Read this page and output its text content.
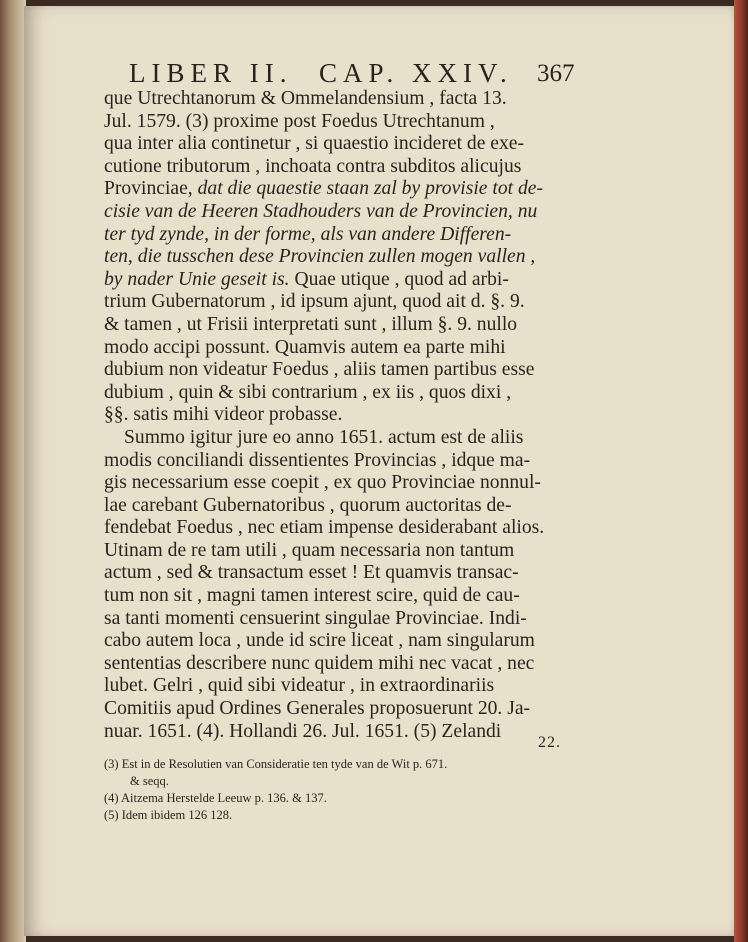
LIBER II. CAP. XXIV. 367
que Utrechtanorum & Ommelandensium , facta 13.
Jul. 1579. (3) proxime post Foedus Utrechtanum ,
qua inter alia continetur , si quaestio incideret de exe-
cutione tributorum , inchoata contra subditos alicujus
Provinciae, dat die quaestie staan zal by provisie tot de-
cisie van de Heeren Stadhouders van de Provincien, nu
ter tyd zynde, in der forme, als van andere Differen-
ten, die tusschen dese Provincien zullen mogen vallen ,
by nader Unie geseit is. Quae utique , quod ad arbi-
trium Gubernatorum , id ipsum ajunt, quod ait d. §. 9.
& tamen , ut Frisii interpretati sunt , illum §. 9. nullo
modo accipi possunt. Quamvis autem ea parte mihi
dubium non videatur Foedus , aliis tamen partibus esse
dubium , quin & sibi contrarium , ex iis , quos dixi ,
§§. satis mihi videor probasse.
Summo igitur jure eo anno 1651. actum est de aliis
modis conciliandi dissentientes Provincias , idque ma-
gis necessarium esse coepit , ex quo Provinciae nonnul-
lae carebant Gubernatoribus , quorum auctoritas de-
fendebat Foedus , nec etiam impense desiderabant alios.
Utinam de re tam utili , quam necessaria non tantum
actum , sed & transactum esset ! Et quamvis transac-
tum non sit , magni tamen interest scire, quid de cau-
sa tanti momenti censuerint singulae Provinciae. Indi-
cabo autem loca , unde id scire liceat , nam singularum
sententias describere nunc quidem mihi nec vacat , nec
lubet. Gelri , quid sibi videatur , in extraordinariis
Comitiis apud Ordines Generales proposuerunt 20. Ja-
nuar. 1651. (4). Hollandi 26. Jul. 1651. (5) Zelandi
22.
(3) Est in de Resolutien van Consideratie ten tyde van de Wit p. 671.
& seqq.
(4) Aitzema Herstelde Leeuw p. 136. & 137.
(5) Idem ibidem 126 128.
